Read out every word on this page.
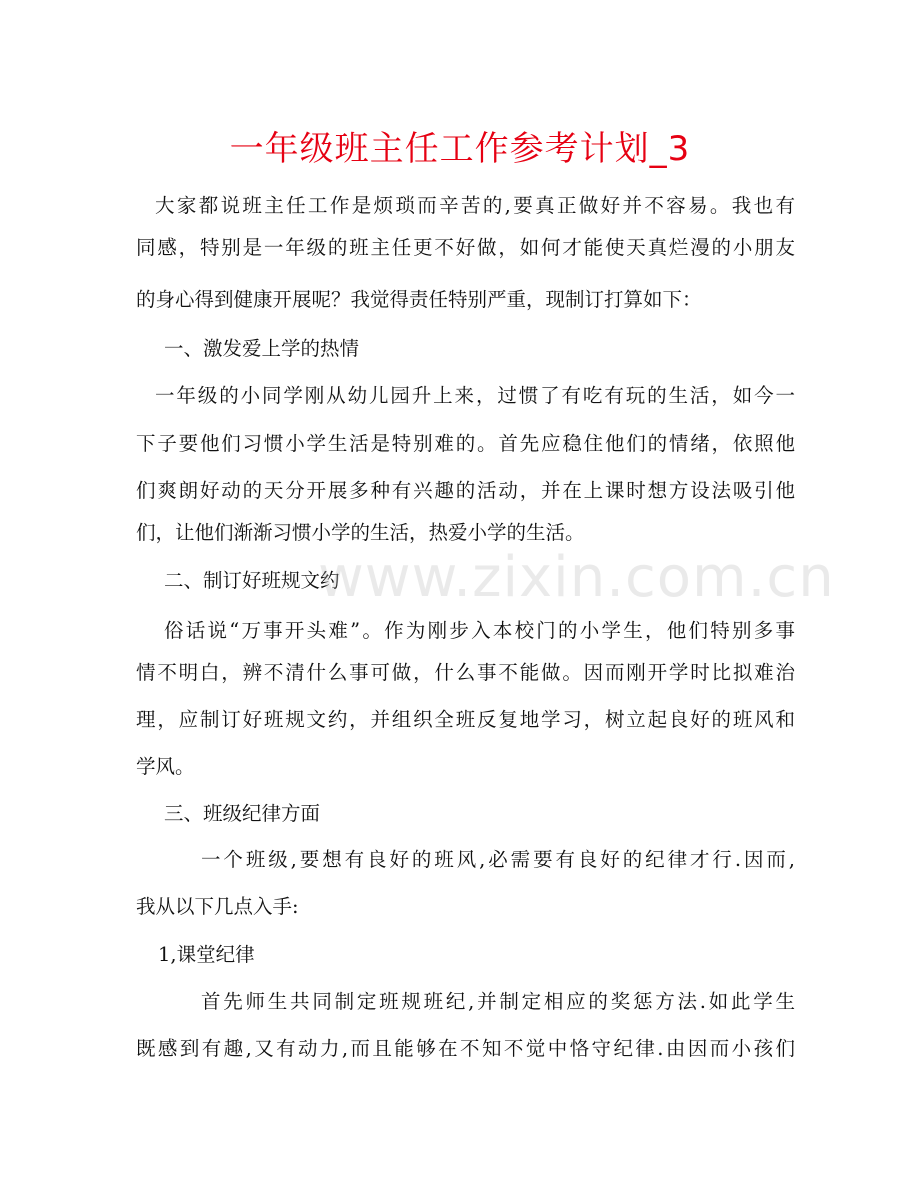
一年级班主任工作参考计划_3

大家都说班主任工作是烦琐而辛苦的,要真正做好并不容易。我也有

同感，特别是一年级的班主任更不好做，如何才能使天真烂漫的小朋友

的身心得到健康开展呢？我觉得责任特别严重，现制订打算如下：

一、激发爱上学的热情

一年级的小同学刚从幼儿园升上来，过惯了有吃有玩的生活，如今一

下子要他们习惯小学生活是特别难的。首先应稳住他们的情绪，依照他

们爽朗好动的天分开展多种有兴趣的活动，并在上课时想方设法吸引他

们，让他们渐渐习惯小学的生活，热爱小学的生活。

二、制订好班规文约

俗话说“万事开头难”。作为刚步入本校门的小学生，他们特别多事

情不明白，辨不清什么事可做，什么事不能做。因而刚开学时比拟难治

理，应制订好班规文约，并组织全班反复地学习，树立起良好的班风和

学风。

三、班级纪律方面

一个班级,要想有良好的班风,必需要有良好的纪律才行.因而,

我从以下几点入手:

1,课堂纪律

首先师生共同制定班规班纪,并制定相应的奖惩方法.如此学生

既感到有趣,又有动力,而且能够在不知不觉中恪守纪律.由因而小孩们

www.zixin.com.cn
